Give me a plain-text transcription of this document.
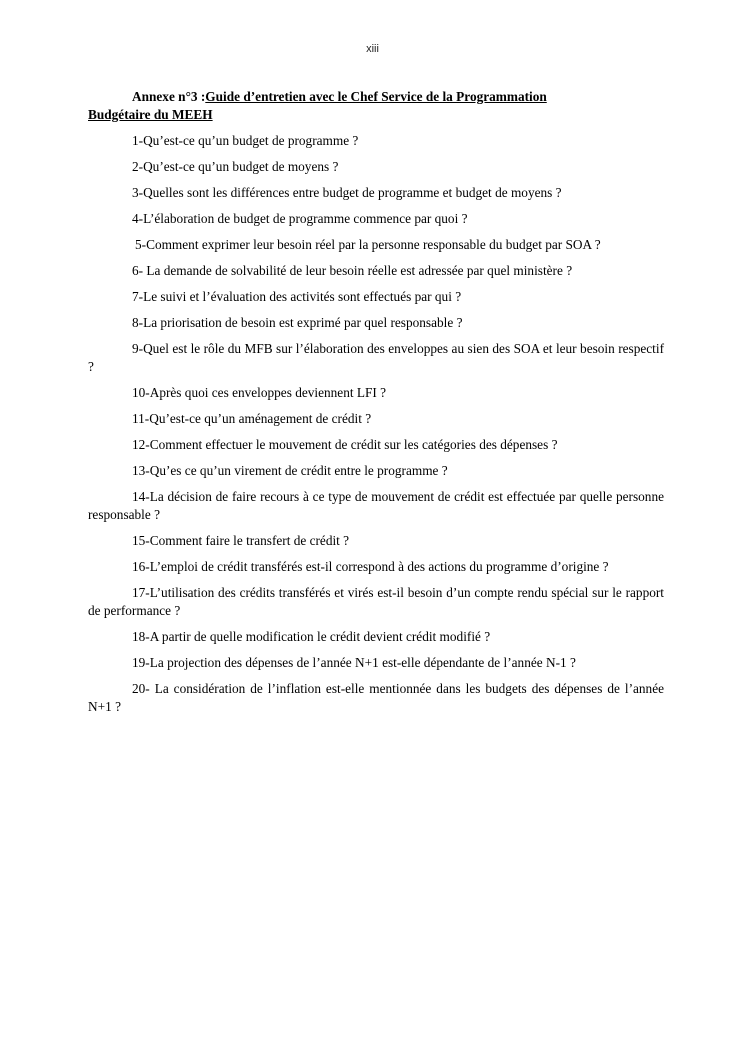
xiii

Annexe n°3 :Guide d’entretien avec le Chef Service de la Programmation
Budgétaire du MEEH

1-Qu’est-ce qu’un budget de programme ?

2-Qu’est-ce qu’un budget de moyens ?

3-Quelles sont les différences entre budget de programme et budget de moyens ?

4-L’élaboration de budget de programme commence par quoi ?

5-Comment exprimer leur besoin réel par la personne responsable du budget par SOA ?

6- La demande de solvabilité de leur besoin réelle est adressée par quel ministère ?

7-Le suivi et l’évaluation des activités sont effectués par qui ?

8-La priorisation de besoin est exprimé par quel responsable ?

9-Quel est le rôle du MFB sur l’élaboration des enveloppes au sien des SOA et leur besoin respectif ?

10-Après quoi ces enveloppes deviennent LFI ?

11-Qu’est-ce qu’un aménagement de crédit ?

12-Comment effectuer le mouvement de crédit sur les catégories des dépenses ?

13-Qu’es ce qu’un virement de crédit entre le programme ?

14-La décision de faire recours à ce type de mouvement de crédit est effectuée par quelle personne responsable ?

15-Comment faire le transfert de crédit ?

16-L’emploi de crédit transférés est-il correspond à des actions du programme d’origine ?

17-L’utilisation des crédits transférés et virés est-il besoin d’un compte rendu spécial sur le rapport de performance ?

18-A partir de quelle modification le crédit devient crédit modifié ?

19-La projection des dépenses de l’année N+1 est-elle dépendante de l’année N-1 ?

20- La considération de l’inflation est-elle mentionnée dans les budgets des dépenses de l’année N+1 ?
